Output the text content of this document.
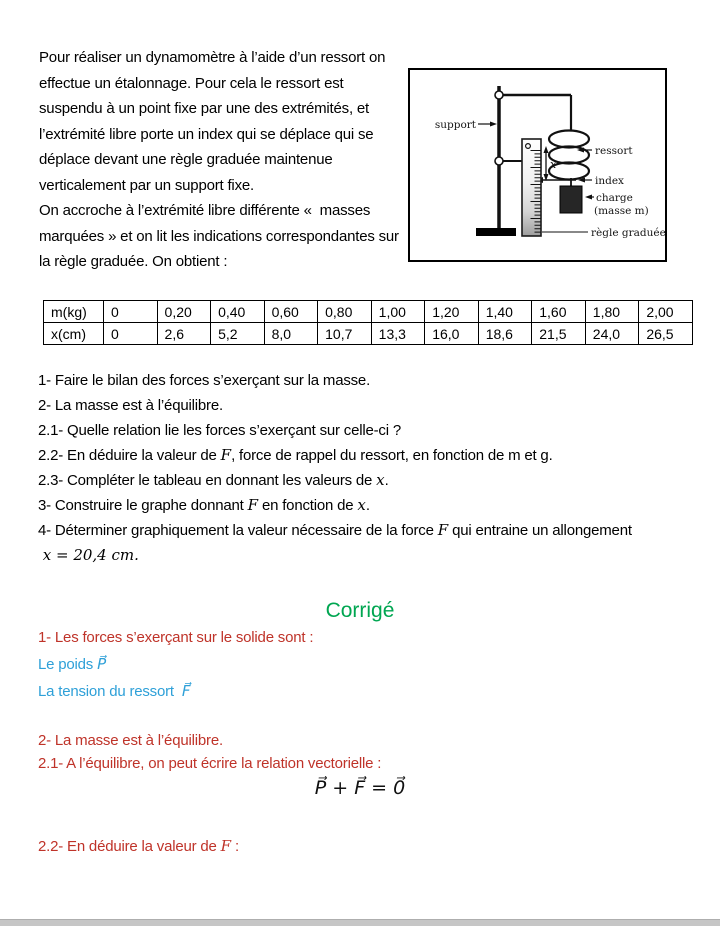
Pour réaliser un dynamomètre à l’aide d’un ressort on
effectue un étalonnage. Pour cela le ressort est
suspendu à un point fixe par une des extrémités, et
l’extrémité libre porte un index qui se déplace qui se
déplace devant une règle graduée maintenue
verticalement par un support fixe.
On accroche à l’extrémité libre différente «  masses
marquées » et on lit les indications correspondantes sur
la règle graduée. On obtient :
x
support
ressort
index
charge
(masse m)
règle graduée
m(kg)	0	0,20	0,40	0,60	0,80	1,00	1,20	1,40	1,60	1,80	2,00
x(cm)	0	2,6	5,2	8,0	10,7	13,3	16,0	18,6	21,5	24,0	26,5
1- Faire le bilan des forces s’exerçant sur la masse.
2- La masse est à l’équilibre.
2.1- Quelle relation lie les forces s’exerçant sur celle-ci ?
2.2- En déduire la valeur de F, force de rappel du ressort, en fonction de m et g.
2.3- Compléter le tableau en donnant les valeurs de x.
3- Construire le graphe donnant F en fonction de x.
4- Déterminer graphiquement la valeur nécessaire de la force F qui entraine un allongement
x = 20,4 cm.
Corrigé
1- Les forces s’exerçant sur le solide sont :
Le poids P⃗
La tension du ressort  F⃗
2- La masse est à l’équilibre.
2.1- A l’équilibre, on peut écrire la relation vectorielle :
P⃗ + F⃗ = 0⃗
2.2- En déduire la valeur de F :
